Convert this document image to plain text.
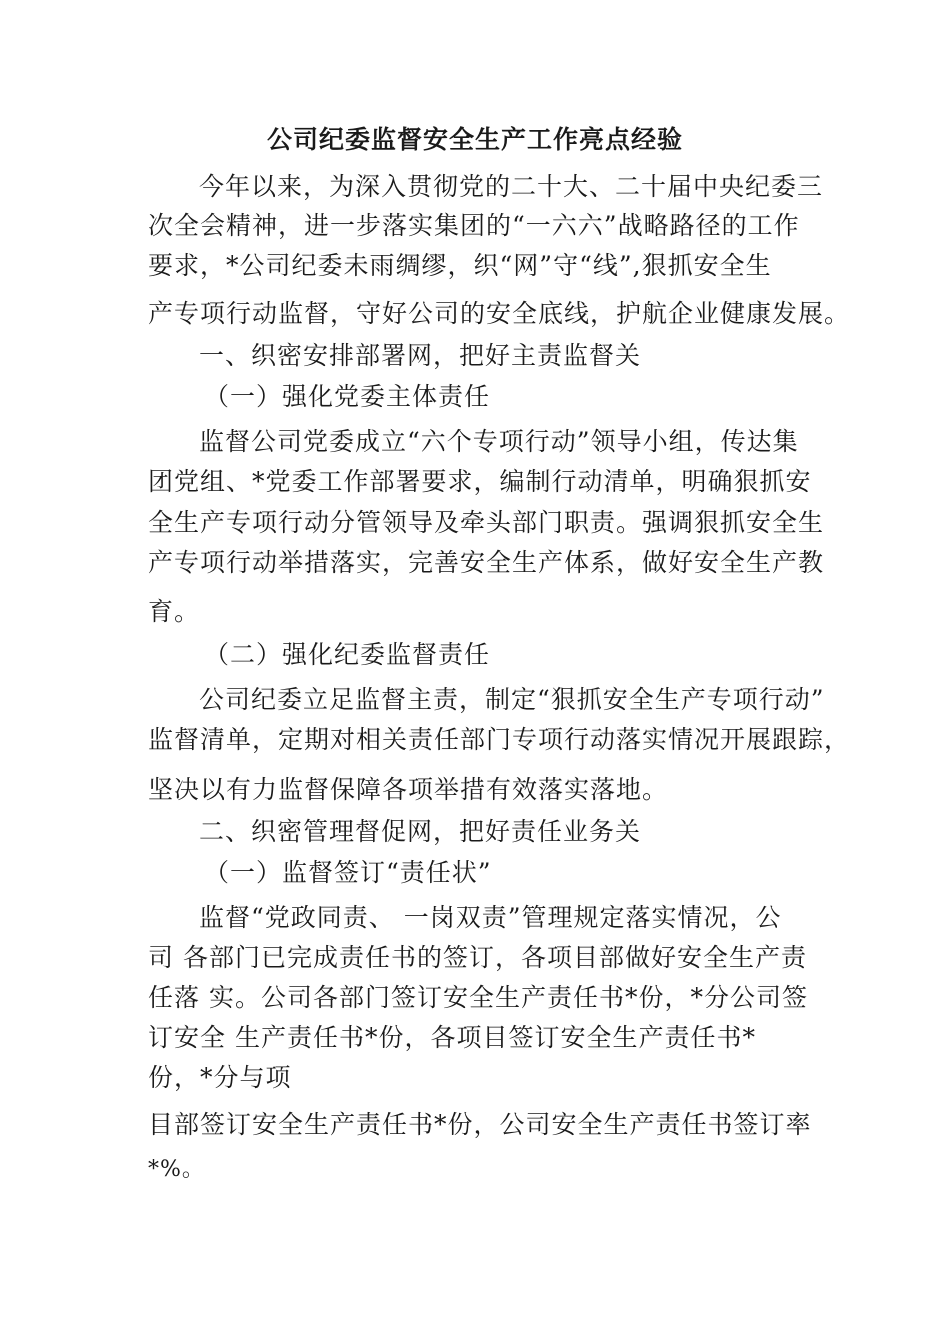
公司纪委监督安全生产工作亮点经验
今年以来，为深入贯彻党的二十大、二十届中央纪委三
次全会精神，进一步落实集团的“一六六”战略路径的工作
要求，*公司纪委未雨绸缪，织“网”守“线”,狠抓安全生
产专项行动监督，守好公司的安全底线，护航企业健康发展。
一、织密安排部署网，把好主责监督关
（一）强化党委主体责任
监督公司党委成立“六个专项行动”领导小组，传达集
团党组、*党委工作部署要求，编制行动清单，明确狠抓安
全生产专项行动分管领导及牵头部门职责。强调狠抓安全生
产专项行动举措落实，完善安全生产体系，做好安全生产教
育。
（二）强化纪委监督责任
公司纪委立足监督主责，制定“狠抓安全生产专项行动”
监督清单，定期对相关责任部门专项行动落实情况开展跟踪，
坚决以有力监督保障各项举措有效落实落地。
二、织密管理督促网，把好责任业务关
（一）监督签订“责任状”
监督“党政同责、 一岗双责”管理规定落实情况，公
司 各部门已完成责任书的签订，各项目部做好安全生产责
任落 实。公司各部门签订安全生产责任书*份，*分公司签
订安全 生产责任书*份，各项目签订安全生产责任书*
份，*分与项
目部签订安全生产责任书*份，公司安全生产责任书签订率
*%。
